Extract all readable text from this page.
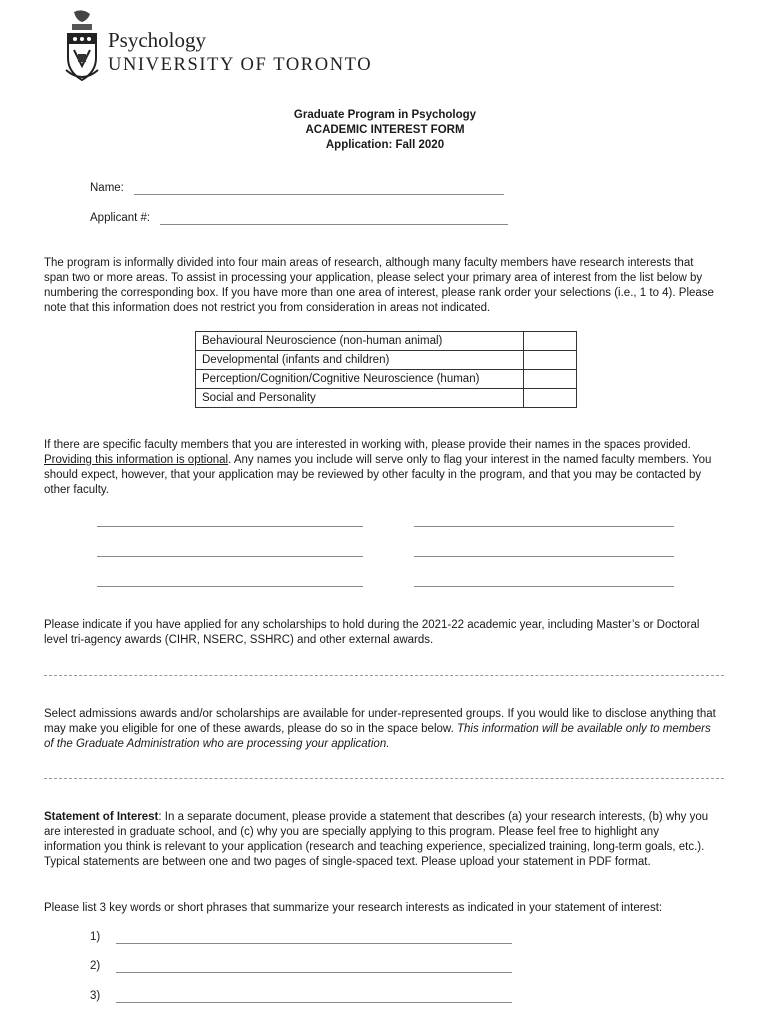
Psychology
UNIVERSITY OF TORONTO
Graduate Program in Psychology
ACADEMIC INTEREST FORM
Application: Fall 2020
Name:
Applicant #:
The program is informally divided into four main areas of research, although many faculty members have research interests that span two or more areas. To assist in processing your application, please select your primary area of interest from the list below by numbering the corresponding box. If you have more than one area of interest, please rank order your selections (i.e., 1 to 4). Please note that this information does not restrict you from consideration in areas not indicated.
Behavioural Neuroscience (non-human animal)	
Developmental (infants and children)	
Perception/Cognition/Cognitive Neuroscience (human)	
Social and Personality	
If there are specific faculty members that you are interested in working with, please provide their names in the spaces provided. Providing this information is optional. Any names you include will serve only to flag your interest in the named faculty members. You should expect, however, that your application may be reviewed by other faculty in the program, and that you may be contacted by other faculty.
Please indicate if you have applied for any scholarships to hold during the 2021-22 academic year, including Master’s or Doctoral level tri-agency awards (CIHR, NSERC, SSHRC) and other external awards.
Select admissions awards and/or scholarships are available for under-represented groups. If you would like to disclose anything that may make you eligible for one of these awards, please do so in the space below. This information will be available only to members of the Graduate Administration who are processing your application.
Statement of Interest: In a separate document, please provide a statement that describes (a) your research interests, (b) why you are interested in graduate school, and (c) why you are specially applying to this program. Please feel free to highlight any information you think is relevant to your application (research and teaching experience, specialized training, long-term goals, etc.). Typical statements are between one and two pages of single-spaced text. Please upload your statement in PDF format.
Please list 3 key words or short phrases that summarize your research interests as indicated in your statement of interest:
1)
2)
3)
